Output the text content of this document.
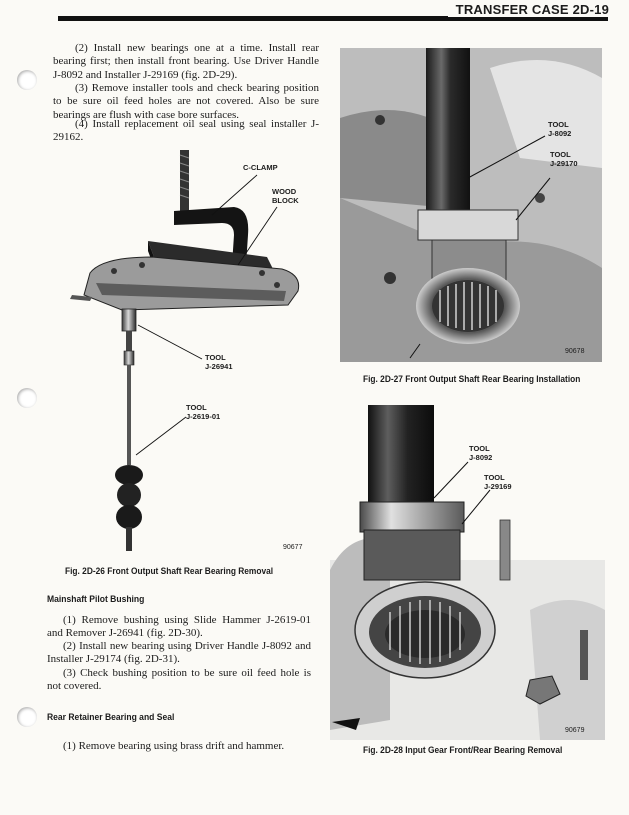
TRANSFER CASE 2D-19

(2) Install new bearings one at a time. Install rear bearing first; then install front bearing. Use Driver Handle J-8092 and Installer J-29169 (fig. 2D-29).

(3) Remove installer tools and check bearing position to be sure oil feed holes are not covered. Also be sure bearings are flush with case bore surfaces.

(4) Install replacement oil seal using seal installer J-29162.

C-CLAMP
WOOD
BLOCK
TOOL
J-26941
TOOL
J-2619-01
90677
Fig. 2D-26 Front Output Shaft Rear Bearing Removal
Mainshaft Pilot Bushing

(1) Remove bushing using Slide Hammer J-2619-01 and Remover J-26941 (fig. 2D-30).

(2) Install new bearing using Driver Handle J-8092 and Installer J-29174 (fig. 2D-31).

(3) Check bushing position to be sure oil feed hole is not covered.

Rear Retainer Bearing and Seal

(1) Remove bearing using brass drift and hammer.

TOOL
J-8092
TOOL
J-29170
90678
Fig. 2D-27 Front Output Shaft Rear Bearing Installation
TOOL
J-8092
TOOL
J-29169
90679
Fig. 2D-28 Input Gear Front/Rear Bearing Removal
